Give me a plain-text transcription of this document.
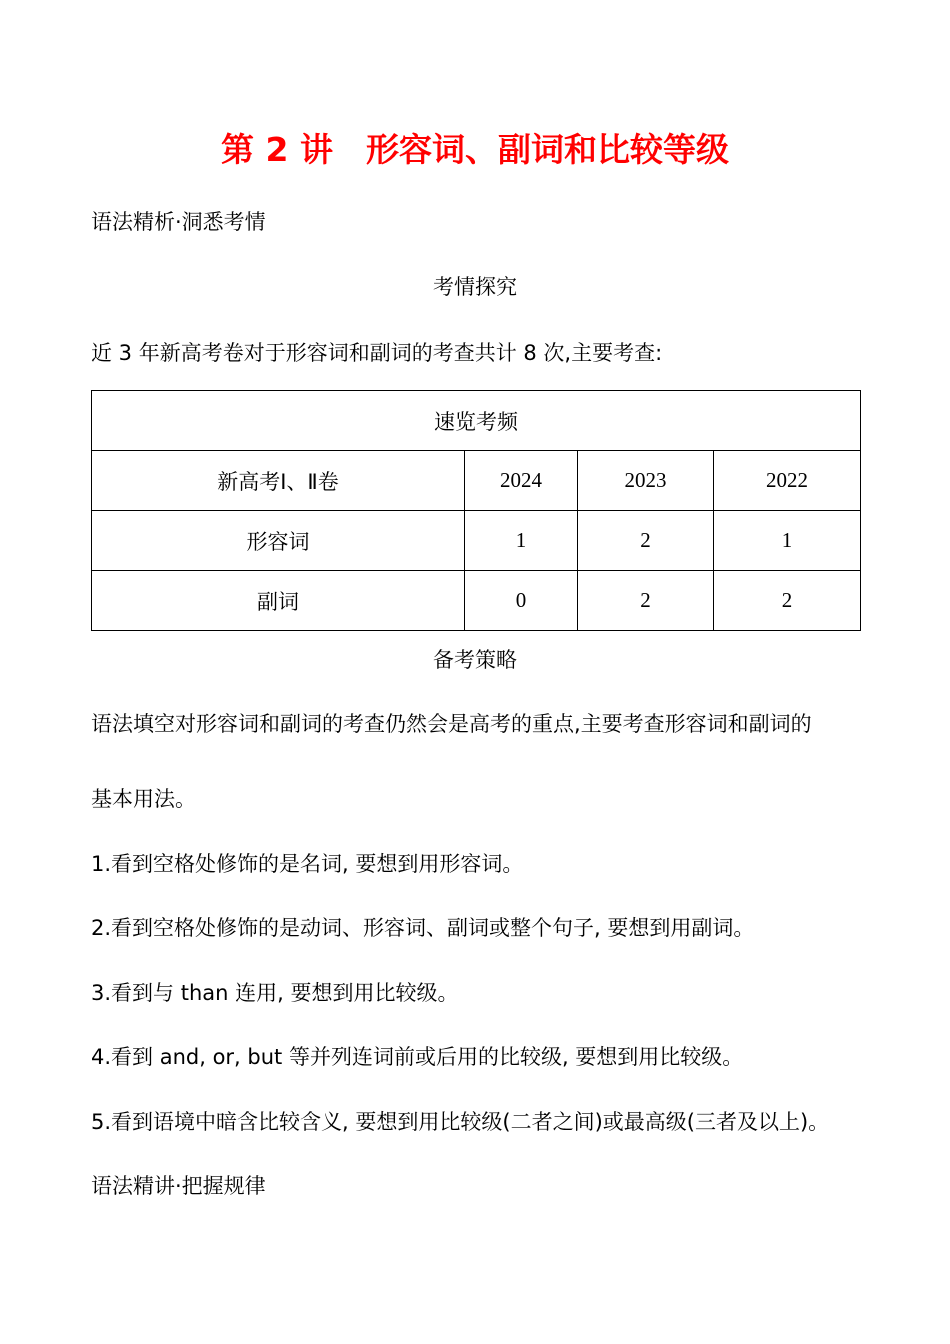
第 2 讲　形容词、副词和比较等级
语法精析·洞悉考情
考情探究
近 3 年新高考卷对于形容词和副词的考查共计 8 次,主要考查:
速览考频			
新高考Ⅰ、Ⅱ卷	2024	2023	2022
形容词	1	2	1
副词	0	2	2
备考策略
语法填空对形容词和副词的考查仍然会是高考的重点,主要考查形容词和副词的
基本用法。
1.看到空格处修饰的是名词, 要想到用形容词。
2.看到空格处修饰的是动词、形容词、副词或整个句子, 要想到用副词。
3.看到与 than 连用, 要想到用比较级。
4.看到 and, or, but 等并列连词前或后用的比较级, 要想到用比较级。
5.看到语境中暗含比较含义, 要想到用比较级(二者之间)或最高级(三者及以上)。
语法精讲·把握规律
